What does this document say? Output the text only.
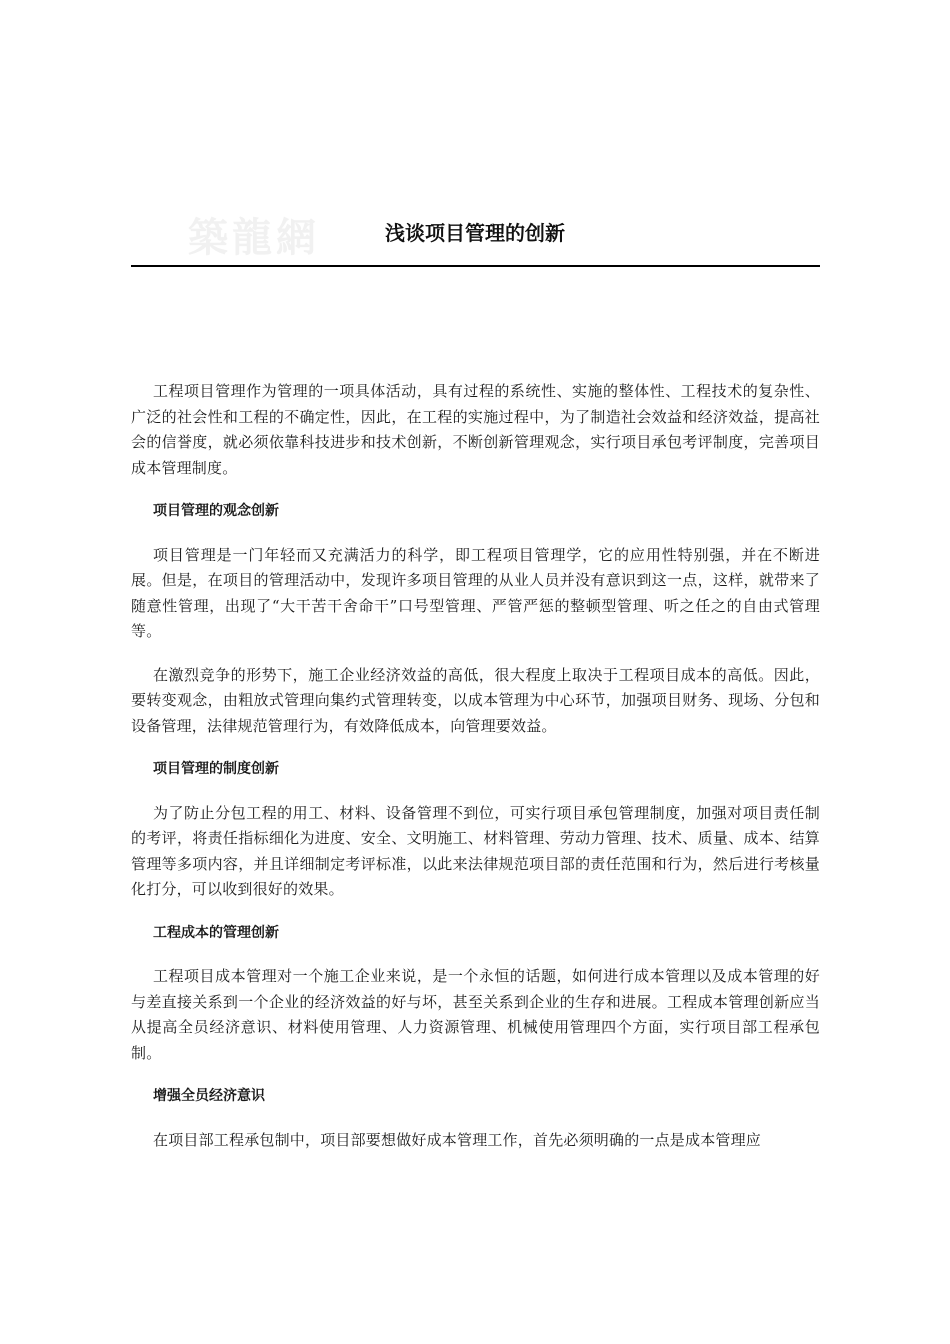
築龍網	浅谈项目管理的创新

工程项目管理作为管理的一项具体活动，具有过程的系统性、实施的整体性、工程技术的复杂性、广泛的社会性和工程的不确定性，因此，在工程的实施过程中，为了制造社会效益和经济效益，提高社会的信誉度，就必须依靠科技进步和技术创新，不断创新管理观念，实行项目承包考评制度，完善项目成本管理制度。

项目管理的观念创新

项目管理是一门年轻而又充满活力的科学，即工程项目管理学，它的应用性特别强，并在不断进展。但是，在项目的管理活动中，发现许多项目管理的从业人员并没有意识到这一点，这样，就带来了随意性管理，出现了“大干苦干舍命干”口号型管理、严管严惩的整顿型管理、听之任之的自由式管理等。

在激烈竞争的形势下，施工企业经济效益的高低，很大程度上取决于工程项目成本的高低。因此，要转变观念，由粗放式管理向集约式管理转变，以成本管理为中心环节，加强项目财务、现场、分包和设备管理，法律规范管理行为，有效降低成本，向管理要效益。

项目管理的制度创新

为了防止分包工程的用工、材料、设备管理不到位，可实行项目承包管理制度，加强对项目责任制的考评，将责任指标细化为进度、安全、文明施工、材料管理、劳动力管理、技术、质量、成本、结算管理等多项内容，并且详细制定考评标准，以此来法律规范项目部的责任范围和行为，然后进行考核量化打分，可以收到很好的效果。

工程成本的管理创新

工程项目成本管理对一个施工企业来说，是一个永恒的话题，如何进行成本管理以及成本管理的好与差直接关系到一个企业的经济效益的好与坏，甚至关系到企业的生存和进展。工程成本管理创新应当从提高全员经济意识、材料使用管理、人力资源管理、机械使用管理四个方面，实行项目部工程承包制。

增强全员经济意识

在项目部工程承包制中，项目部要想做好成本管理工作，首先必须明确的一点是成本管理应
